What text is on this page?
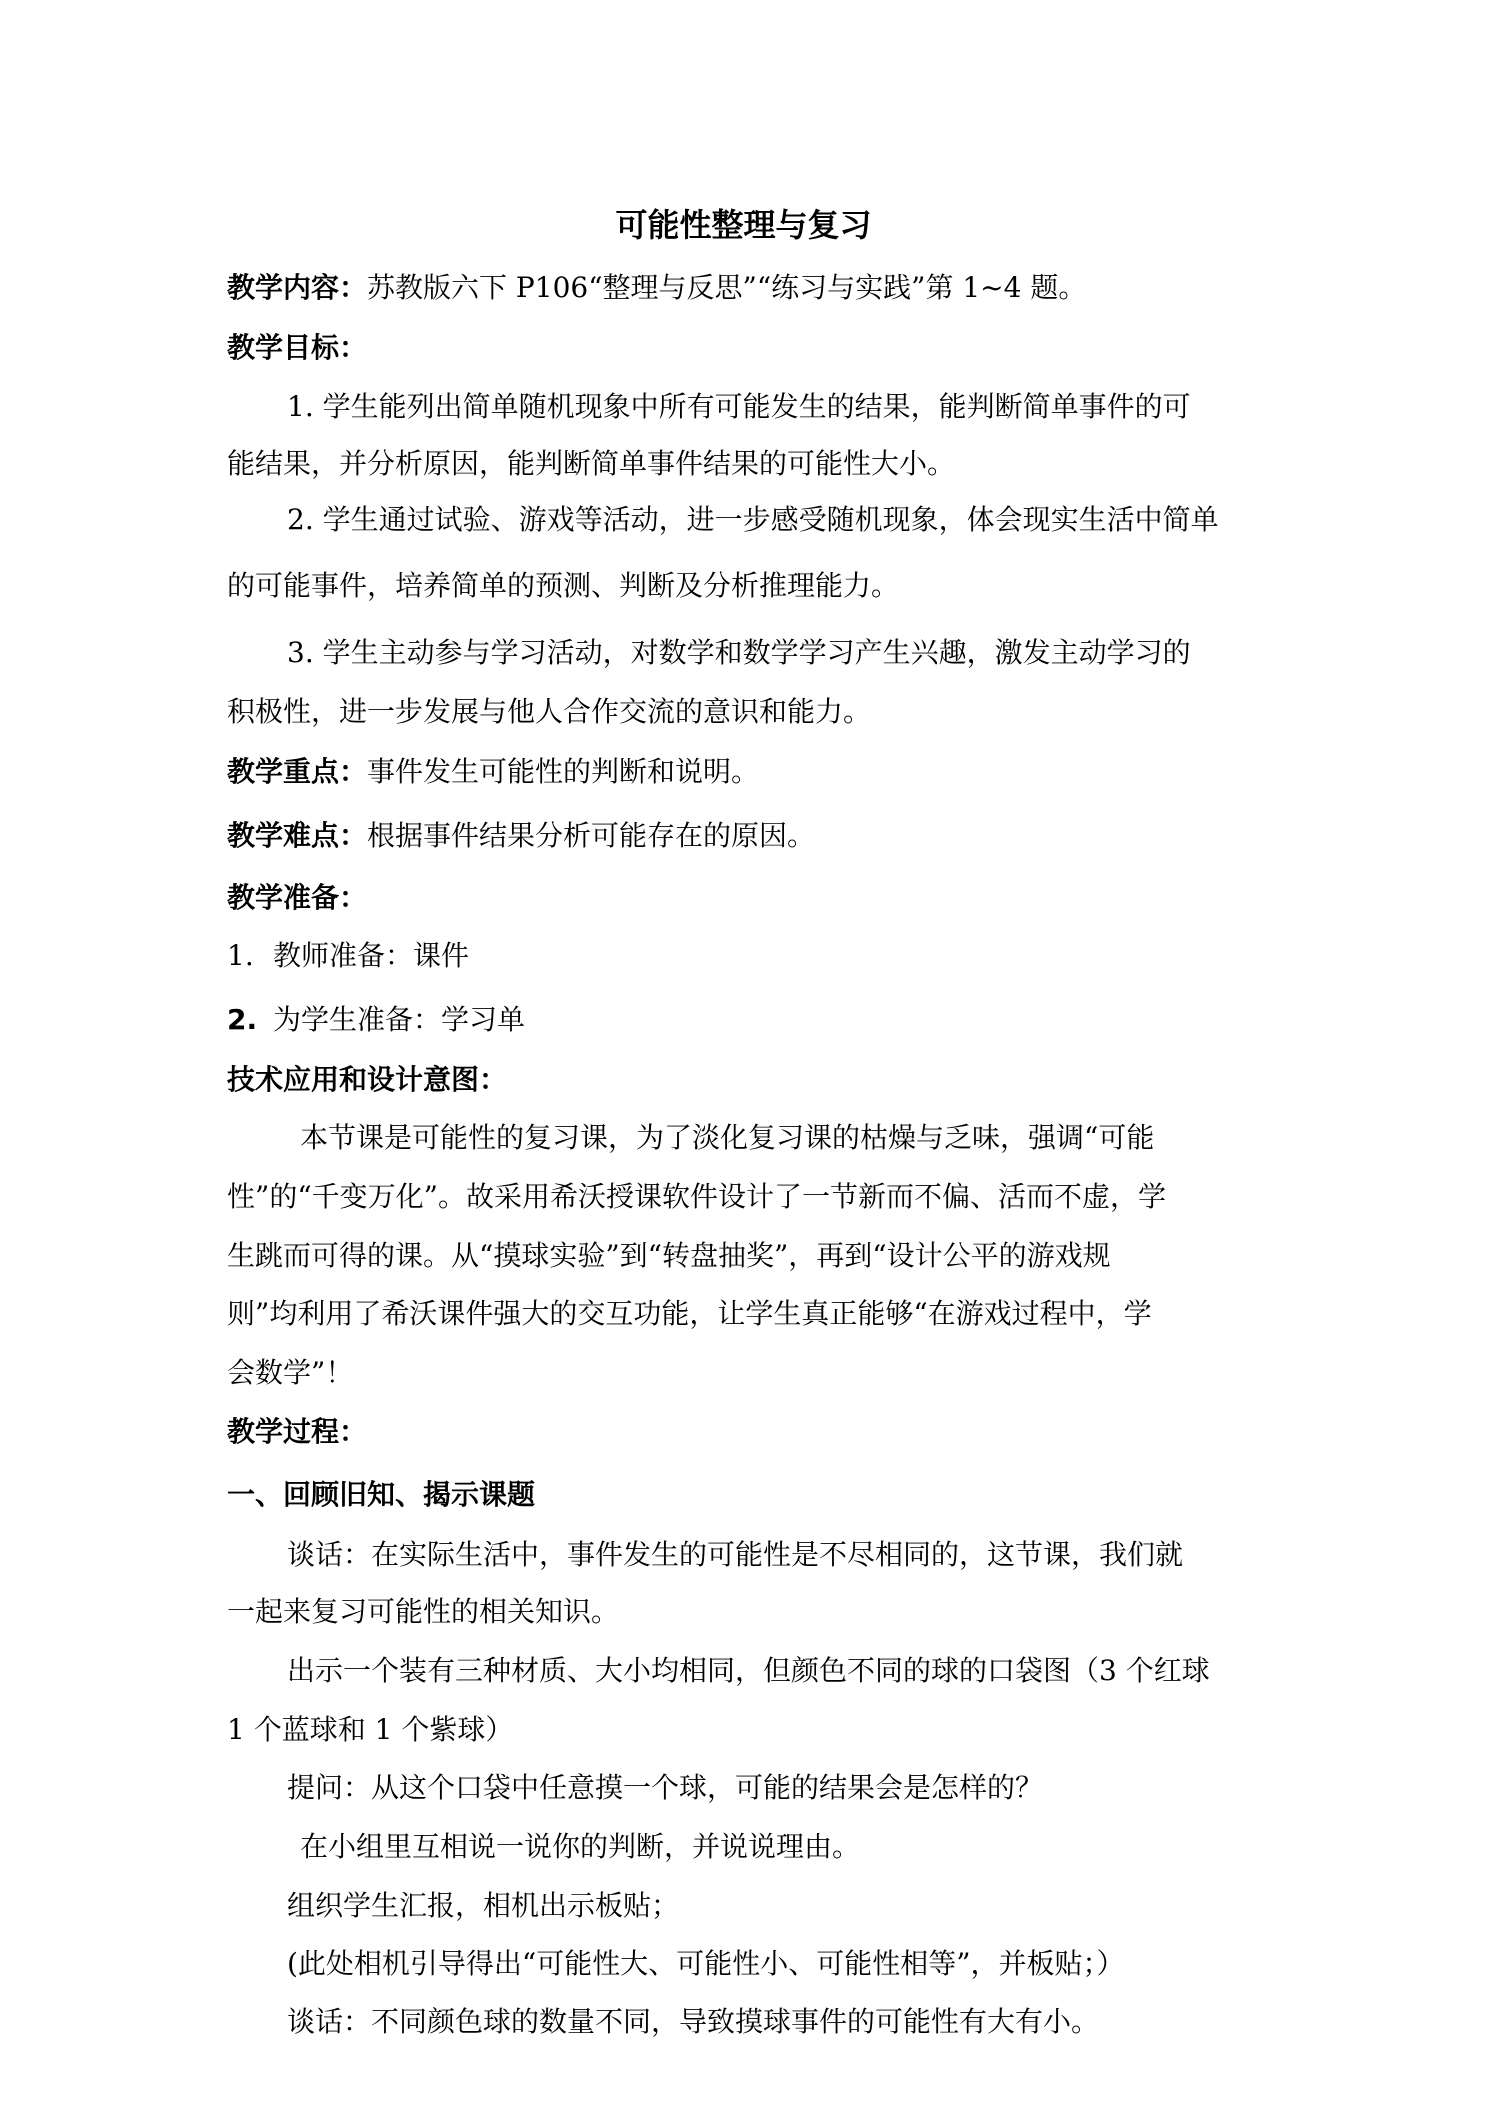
可能性整理与复习
教学内容：苏教版六下 P106“整理与反思”“练习与实践”第 1~4 题。
教学目标：
1. 学生能列出简单随机现象中所有可能发生的结果，能判断简单事件的可
能结果，并分析原因，能判断简单事件结果的可能性大小。
2. 学生通过试验、游戏等活动，进一步感受随机现象，体会现实生活中简单
的可能事件，培养简单的预测、判断及分析推理能力。
3. 学生主动参与学习活动，对数学和数学学习产生兴趣，激发主动学习的
积极性，进一步发展与他人合作交流的意识和能力。
教学重点：事件发生可能性的判断和说明。
教学难点：根据事件结果分析可能存在的原因。
教学准备：
1. 教师准备：课件
2. 为学生准备：学习单
技术应用和设计意图：
本节课是可能性的复习课，为了淡化复习课的枯燥与乏味，强调“可能
性”的“千变万化”。故采用希沃授课软件设计了一节新而不偏、活而不虚，学
生跳而可得的课。从“摸球实验”到“转盘抽奖”，再到“设计公平的游戏规
则”均利用了希沃课件强大的交互功能，让学生真正能够“在游戏过程中，学
会数学”！
教学过程：
一、回顾旧知、揭示课题
谈话：在实际生活中，事件发生的可能性是不尽相同的，这节课，我们就
一起来复习可能性的相关知识。
出示一个装有三种材质、大小均相同，但颜色不同的球的口袋图（3 个红球
1 个蓝球和 1 个紫球）
提问：从这个口袋中任意摸一个球，可能的结果会是怎样的？
在小组里互相说一说你的判断，并说说理由。
组织学生汇报，相机出示板贴；
(此处相机引导得出“可能性大、可能性小、可能性相等”，并板贴；）
谈话：不同颜色球的数量不同，导致摸球事件的可能性有大有小。
